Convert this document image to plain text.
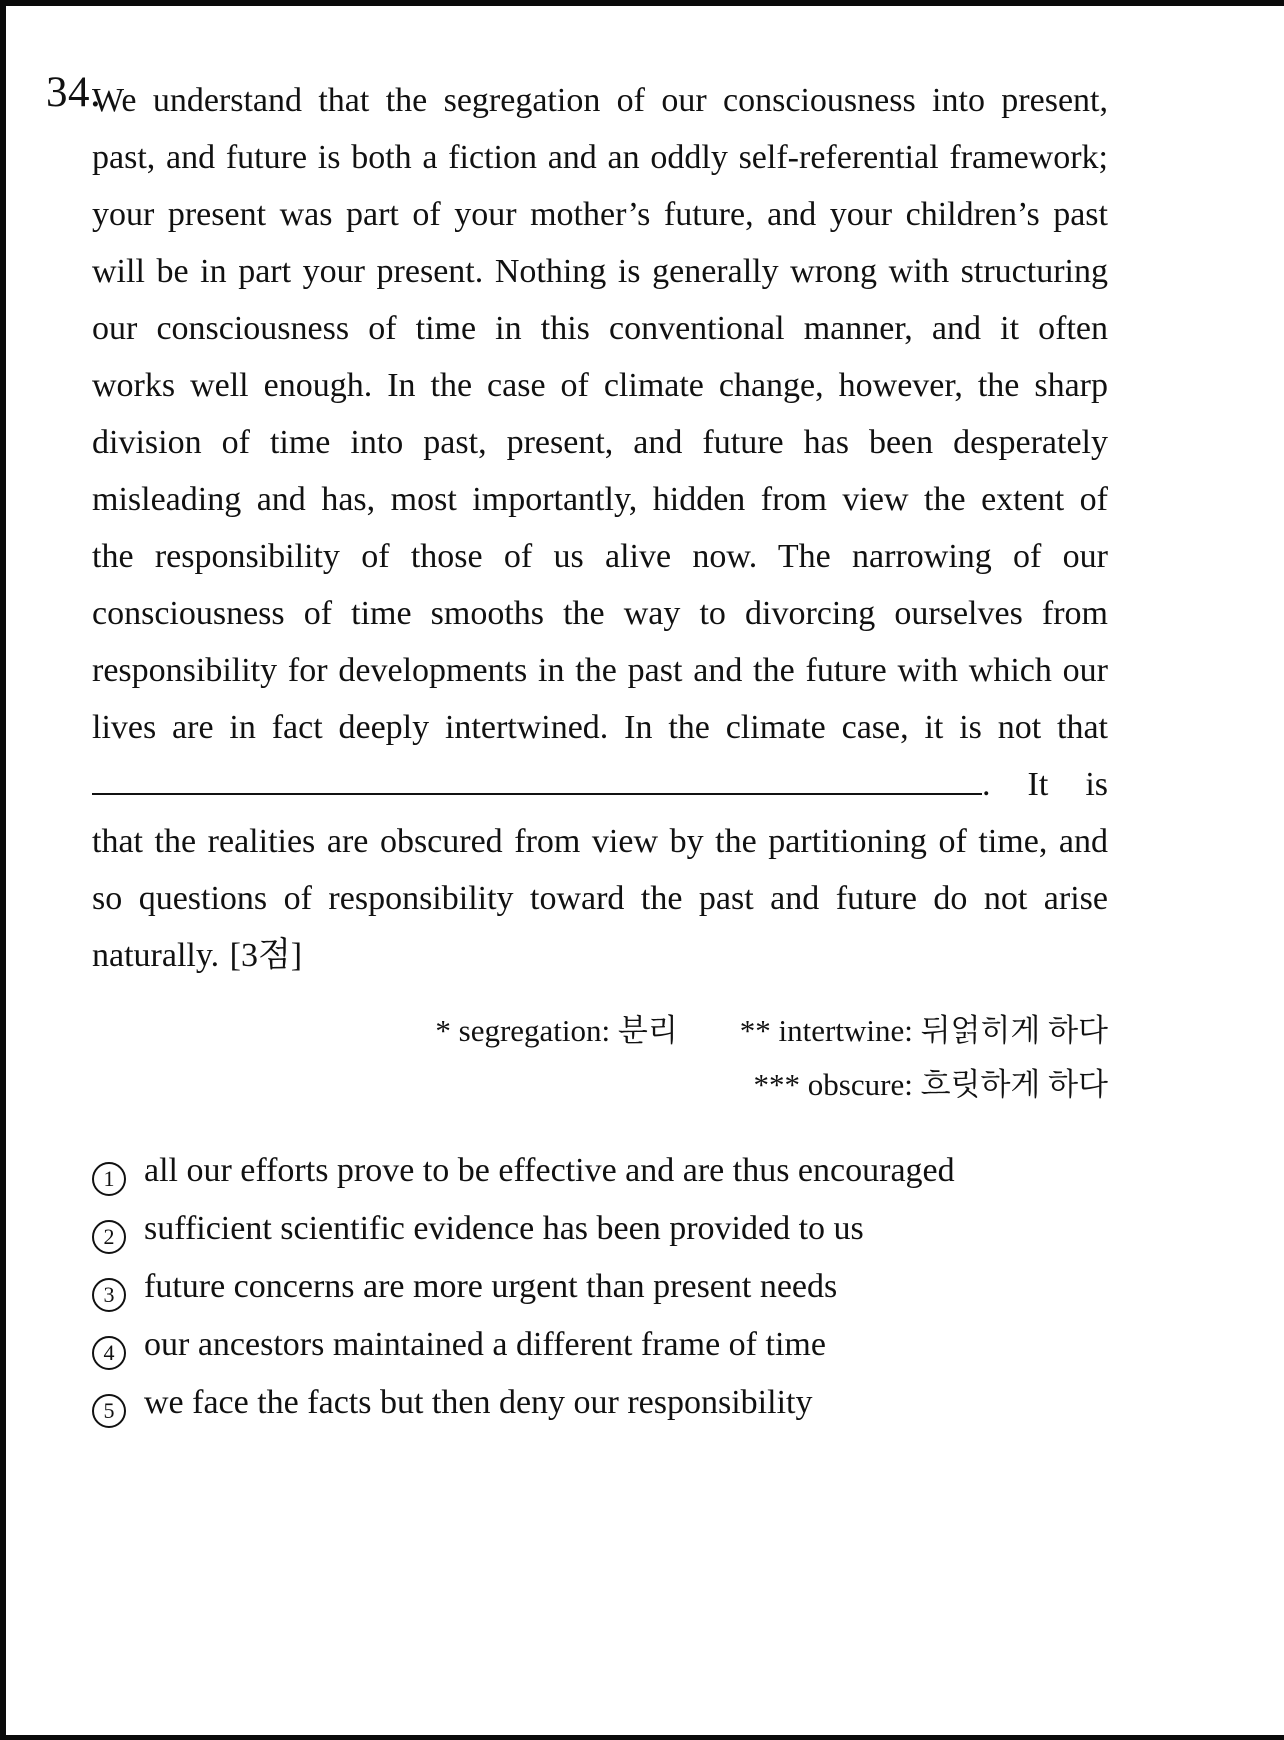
34.
We understand that the segregation of our consciousness into present, past, and future is both a fiction and an oddly self-referential framework; your present was part of your mother’s future, and your children’s past will be in part your present. Nothing is generally wrong with structuring our consciousness of time in this conventional manner, and it often works well enough. In the case of climate change, however, the sharp division of time into past, present, and future has been desperately misleading and has, most importantly, hidden from view the extent of the responsibility of those of us alive now. The narrowing of our consciousness of time smooths the way to divorcing ourselves from responsibility for developments in the past and the future with which our lives are in fact deeply intertwined. In the climate case, it is not that . It is that the realities are obscured from view by the partitioning of time, and so questions of responsibility toward the past and future do not arise naturally. [3점]
* segregation: 분리  ** intertwine: 뒤얽히게 하다
*** obscure: 흐릿하게 하다
1 all our efforts prove to be effective and are thus encouraged
2 sufficient scientific evidence has been provided to us
3 future concerns are more urgent than present needs
4 our ancestors maintained a different frame of time
5 we face the facts but then deny our responsibility
